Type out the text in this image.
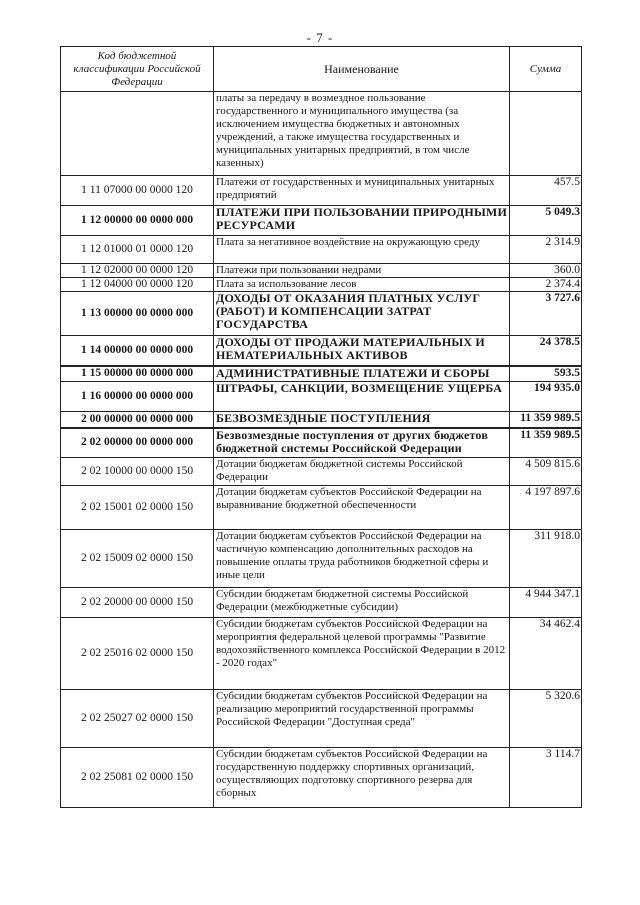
- 7 -
Код бюджетной классификации Российской Федерации	Наименование	Сумма
	платы за передачу в возмездное пользование государственного и муниципального имущества (за исключением имущества бюджетных и автономных учреждений, а также имущества государственных и муниципальных унитарных предприятий, в том числе казенных)	
1 11 07000 00 0000 120	Платежи от государственных и муниципальных унитарных предприятий	457.5
1 12 00000 00 0000 000	ПЛАТЕЖИ ПРИ ПОЛЬЗОВАНИИ ПРИРОДНЫМИ РЕСУРСАМИ	5 049.3
1 12 01000 01 0000 120	Плата за негативное воздействие на окружающую среду	2 314.9
1 12 02000 00 0000 120	Платежи при пользовании недрами	360.0
1 12 04000 00 0000 120	Плата за использование лесов	2 374.4
1 13 00000 00 0000 000	ДОХОДЫ ОТ ОКАЗАНИЯ ПЛАТНЫХ УСЛУГ (РАБОТ) И КОМПЕНСАЦИИ ЗАТРАТ ГОСУДАРСТВА	3 727.6
1 14 00000 00 0000 000	ДОХОДЫ ОТ ПРОДАЖИ МАТЕРИАЛЬНЫХ И НЕМАТЕРИАЛЬНЫХ АКТИВОВ	24 378.5
1 15 00000 00 0000 000	АДМИНИСТРАТИВНЫЕ ПЛАТЕЖИ И СБОРЫ	593.5
1 16 00000 00 0000 000	ШТРАФЫ, САНКЦИИ, ВОЗМЕЩЕНИЕ УЩЕРБА	194 935.0
2 00 00000 00 0000 000	БЕЗВОЗМЕЗДНЫЕ ПОСТУПЛЕНИЯ	11 359 989.5
2 02 00000 00 0000 000	Безвозмездные поступления от других бюджетов бюджетной системы Российской Федерации	11 359 989.5
2 02 10000 00 0000 150	Дотации бюджетам бюджетной системы Российской Федерации	4 509 815.6
2 02 15001 02 0000 150	Дотации бюджетам субъектов Российской Федерации на выравнивание бюджетной обеспеченности	4 197 897.6
2 02 15009 02 0000 150	Дотации бюджетам субъектов Российской Федерации на частичную компенсацию дополнительных расходов на повышение оплаты труда работников бюджетной сферы и иные цели	311 918.0
2 02 20000 00 0000 150	Субсидии бюджетам бюджетной системы Российской Федерации (межбюджетные субсидии)	4 944 347.1
2 02 25016 02 0000 150	Субсидии бюджетам субъектов Российской Федерации на мероприятия федеральной целевой программы "Развитие водохозяйственного комплекса Российской Федерации в 2012 - 2020 годах"	34 462.4
2 02 25027 02 0000 150	Субсидии бюджетам субъектов Российской Федерации на реализацию мероприятий государственной программы Российской Федерации "Доступная среда"	5 320.6
2 02 25081 02 0000 150	Субсидии бюджетам субъектов Российской Федерации на государственную поддержку спортивных организаций, осуществляющих подготовку спортивного резерва для сборных	3 114.7
